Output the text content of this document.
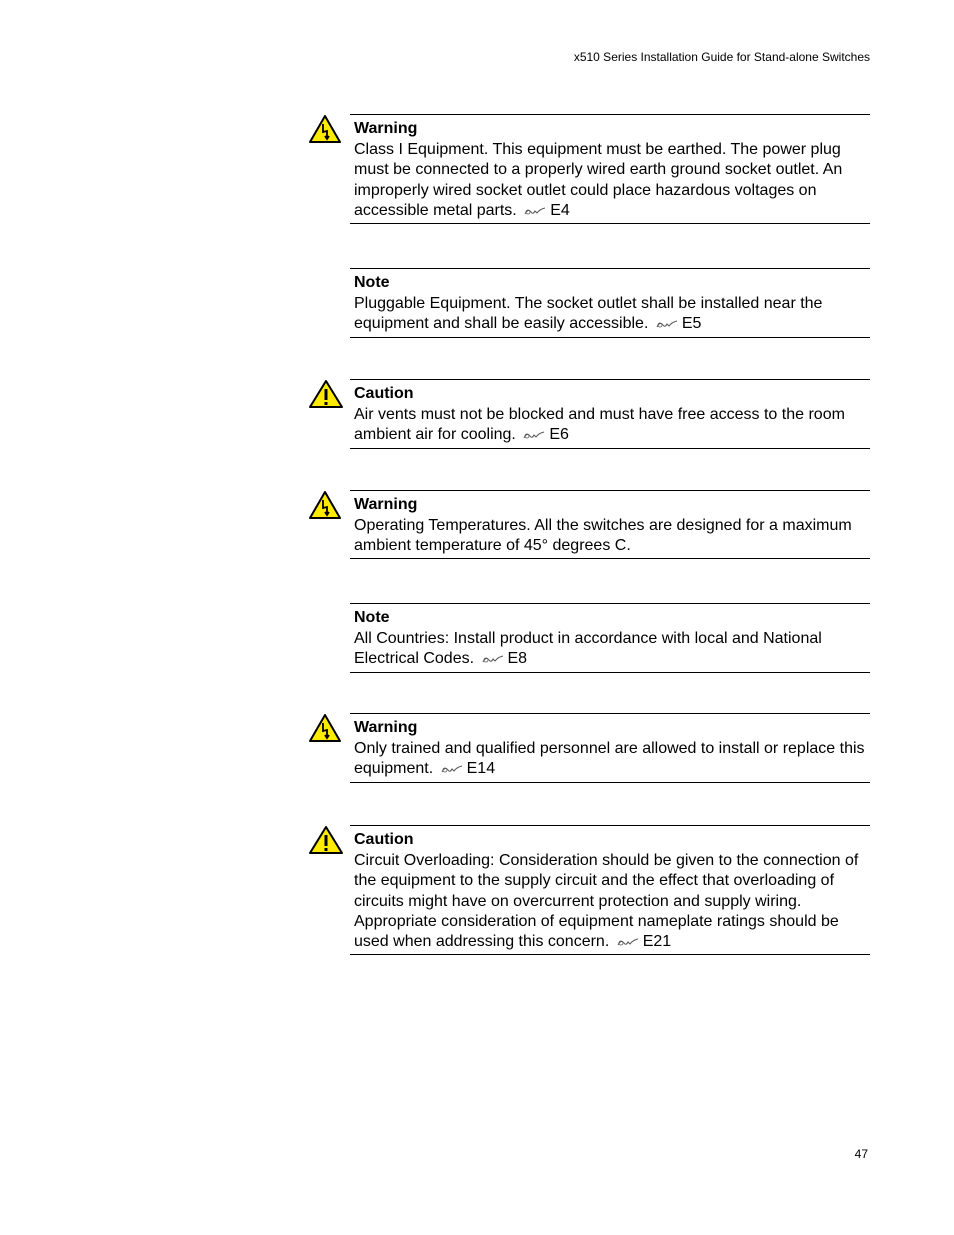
x510 Series Installation Guide for Stand-alone Switches
Warning
Class I Equipment. This equipment must be earthed. The power plug must be connected to a properly wired earth ground socket outlet. An improperly wired socket outlet could place hazardous voltages on accessible metal parts. E4
Note
Pluggable Equipment. The socket outlet shall be installed near the equipment and shall be easily accessible. E5
Caution
Air vents must not be blocked and must have free access to the room ambient air for cooling. E6
Warning
Operating Temperatures. All the switches are designed for a maximum ambient temperature of 45° degrees C.
Note
All Countries: Install product in accordance with local and National Electrical Codes. E8
Warning
Only trained and qualified personnel are allowed to install or replace this equipment. E14
Caution
Circuit Overloading: Consideration should be given to the connection of the equipment to the supply circuit and the effect that overloading of circuits might have on overcurrent protection and supply wiring. Appropriate consideration of equipment nameplate ratings should be used when addressing this concern. E21
47
